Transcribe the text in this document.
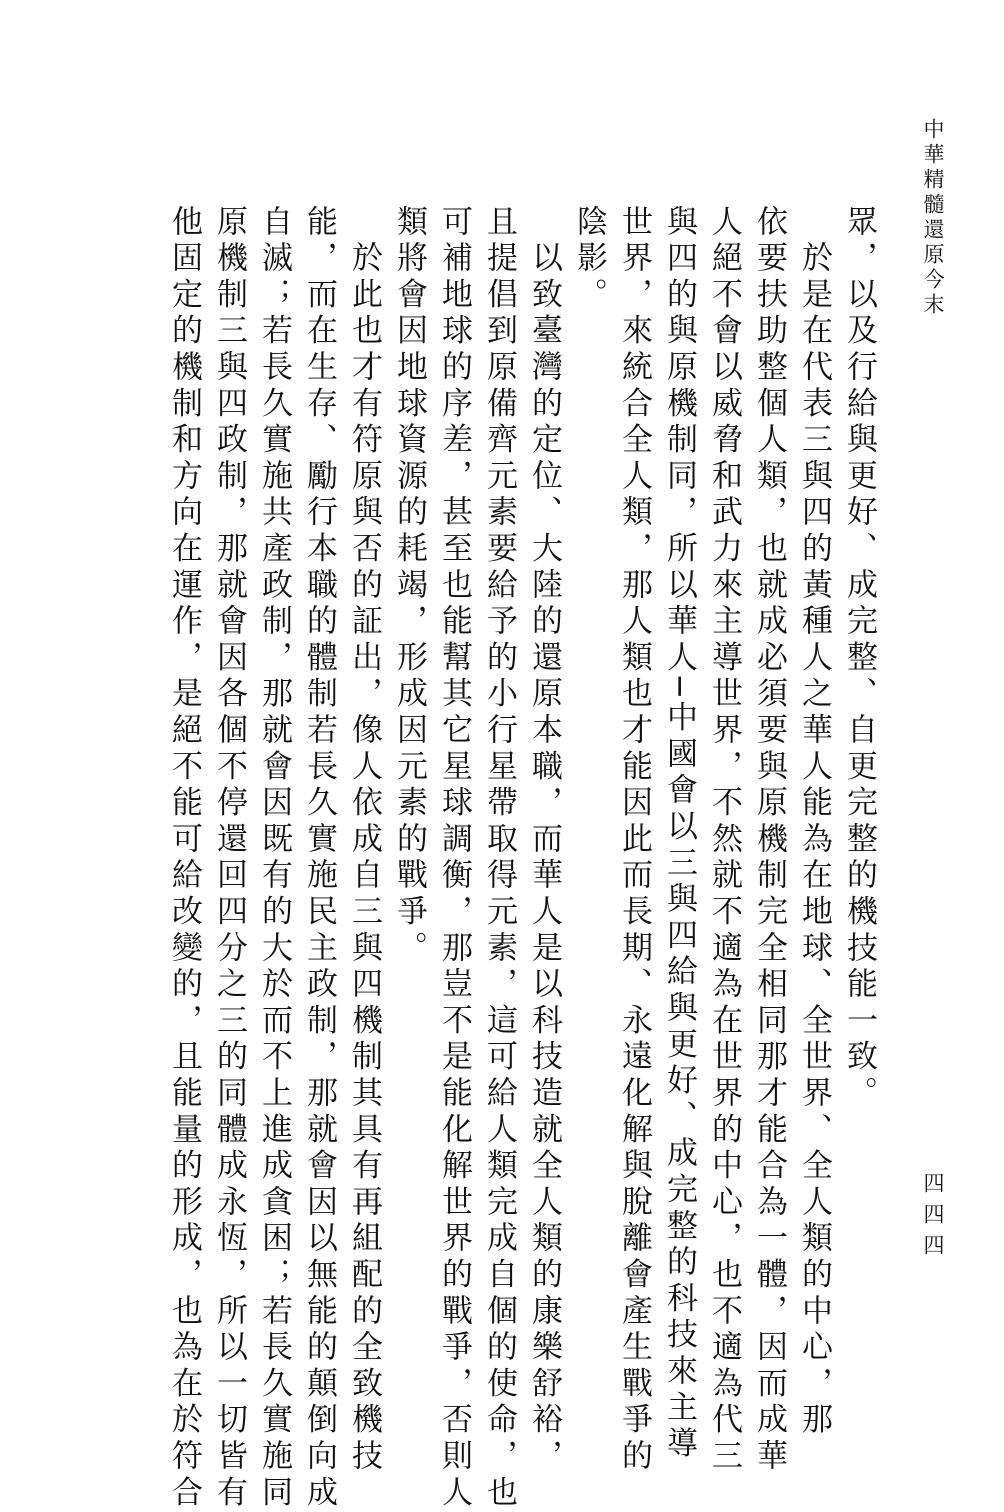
中華精髓還原今末
四四四
眾，以及行給與更好、成完整、自更完整的機技能一致。
　於是在代表三與四的黃種人之華人能為在地球、全世界、全人類的中心，那
依要扶助整個人類，也就成必須要與原機制完全相同那才能合為一體，因而成華
人絕不會以威脅和武力來主導世界，不然就不適為在世界的中心，也不適為代三
與四的與原機制同，所以華人─中國會以三與四給與更好、成完整的科技來主導
世界，來統合全人類，那人類也才能因此而長期、永遠化解與脫離會產生戰爭的
陰影。
　以致臺灣的定位、大陸的還原本職，而華人是以科技造就全人類的康樂舒裕，
且提倡到原備齊元素要給予的小行星帶取得元素，這可給人類完成自個的使命，也
可補地球的序差，甚至也能幫其它星球調衡，那豈不是能化解世界的戰爭，否則人
類將會因地球資源的耗竭，形成因元素的戰爭。
　於此也才有符原與否的証出，像人依成自三與四機制其具有再組配的全致機技
能，而在生存、勵行本職的體制若長久實施民主政制，那就會因以無能的顛倒向成
自滅；若長久實施共產政制，那就會因既有的大於而不上進成貪困；若長久實施同
原機制三與四政制，那就會因各個不停還回四分之三的同體成永恆，所以一切皆有
他固定的機制和方向在運作，是絕不能可給改變的，且能量的形成，也為在於符合
